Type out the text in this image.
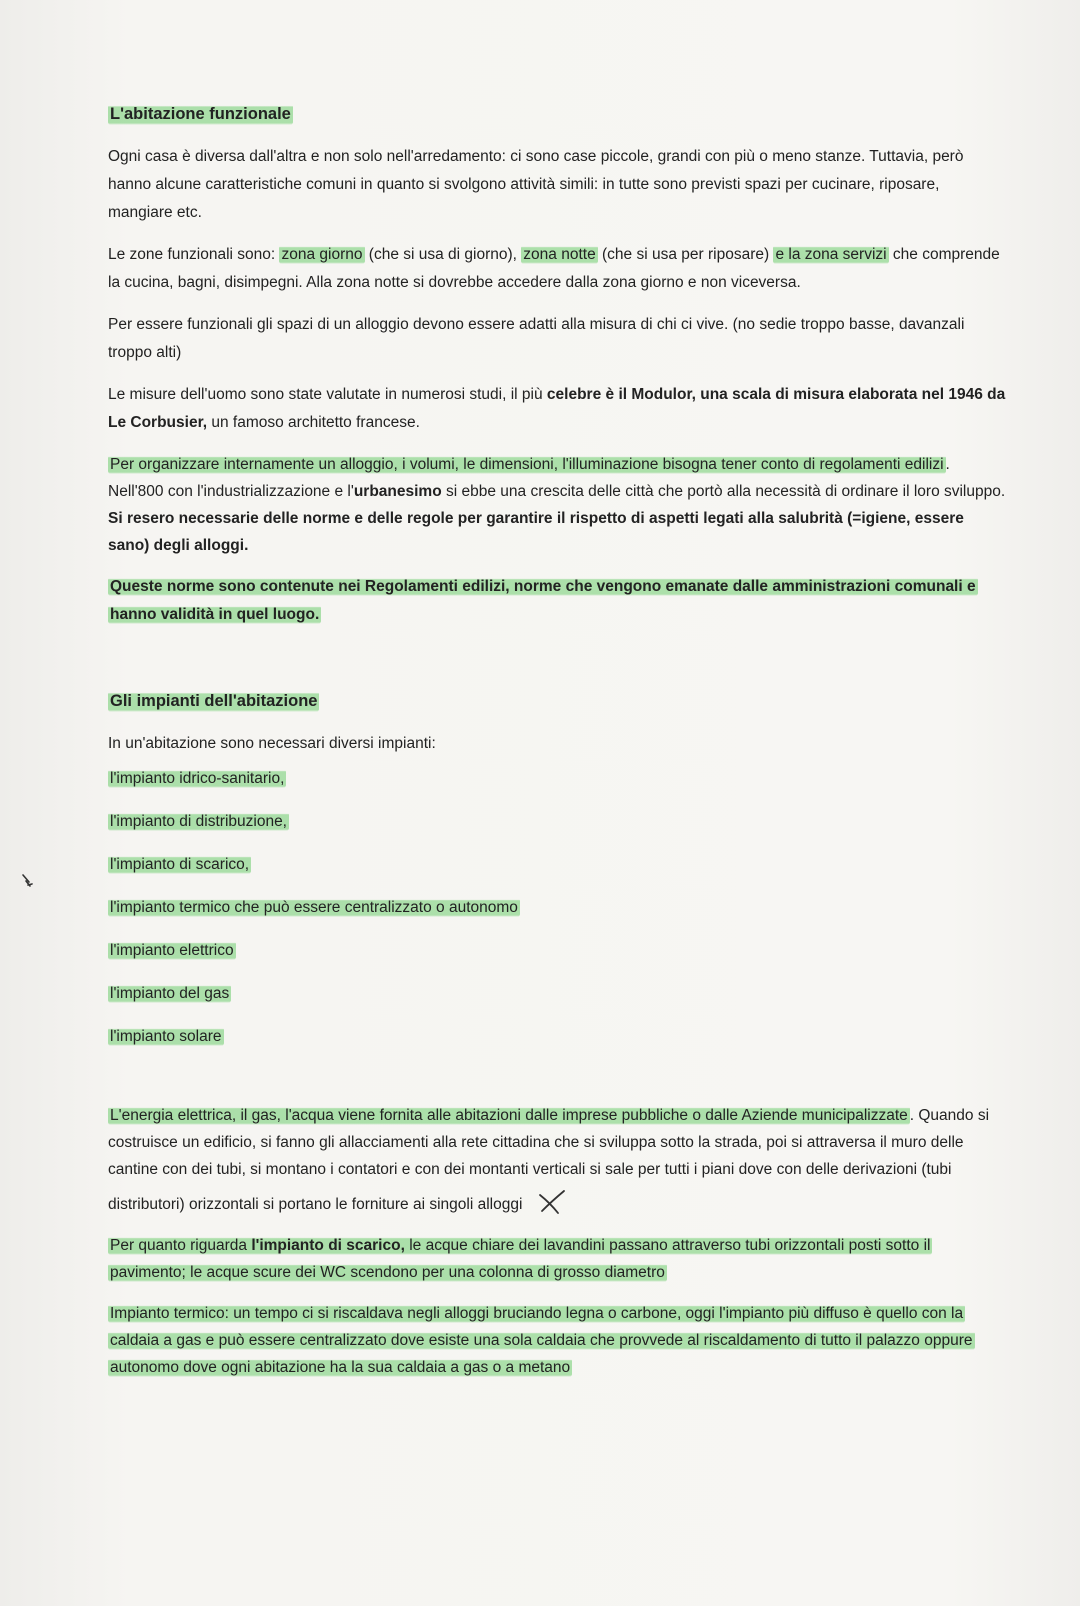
L'abitazione funzionale

Ogni casa è diversa dall'altra e non solo nell'arredamento: ci sono case piccole, grandi con più o meno stanze. Tuttavia, però hanno alcune caratteristiche comuni in quanto si svolgono attività simili: in tutte sono previsti spazi per cucinare, riposare, mangiare etc.

Le zone funzionali sono: zona giorno (che si usa di giorno), zona notte (che si usa per riposare) e la zona servizi che comprende la cucina, bagni, disimpegni. Alla zona notte si dovrebbe accedere dalla zona giorno e non viceversa.

Per essere funzionali gli spazi di un alloggio devono essere adatti alla misura di chi ci vive. (no sedie troppo basse, davanzali troppo alti)

Le misure dell'uomo sono state valutate in numerosi studi, il più celebre è il Modulor, una scala di misura elaborata nel 1946 da Le Corbusier, un famoso architetto francese.

Per organizzare internamente un alloggio, i volumi, le dimensioni, l'illuminazione bisogna tener conto di regolamenti edilizi . Nell'800 con l'industrializzazione e l'urbanesimo si ebbe una crescita delle città che portò alla necessità di ordinare il loro sviluppo. Si resero necessarie delle norme e delle regole per garantire il rispetto di aspetti legati alla salubrità (=igiene, essere sano) degli alloggi.

Queste norme sono contenute nei Regolamenti edilizi, norme che vengono emanate dalle amministrazioni comunali e hanno validità in quel luogo.

Gli impianti dell'abitazione

In un'abitazione sono necessari diversi impianti:

l'impianto idrico-sanitario,
l'impianto di distribuzione,
l'impianto di scarico,
l'impianto termico che può essere centralizzato o autonomo
l'impianto elettrico
l'impianto del gas
l'impianto solare

L'energia elettrica, il gas, l'acqua viene fornita alle abitazioni dalle imprese pubbliche o dalle Aziende municipalizzate . Quando si costruisce un edificio, si fanno gli allacciamenti alla rete cittadina che si sviluppa sotto la strada, poi si attraversa il muro delle cantine con dei tubi, si montano i contatori e con dei montanti verticali si sale per tutti i piani dove con delle derivazioni (tubi distributori) orizzontali si portano le forniture ai singoli alloggi

Per quanto riguarda l'impianto di scarico, le acque chiare dei lavandini passano attraverso tubi orizzontali posti sotto il pavimento; le acque scure dei WC scendono per una colonna di grosso diametro

Impianto termico: un tempo ci si riscaldava negli alloggi bruciando legna o carbone, oggi l'impianto più diffuso è quello con la caldaia a gas e può essere centralizzato dove esiste una sola caldaia che provvede al riscaldamento di tutto il palazzo oppure autonomo dove ogni abitazione ha la sua caldaia a gas o a metano
